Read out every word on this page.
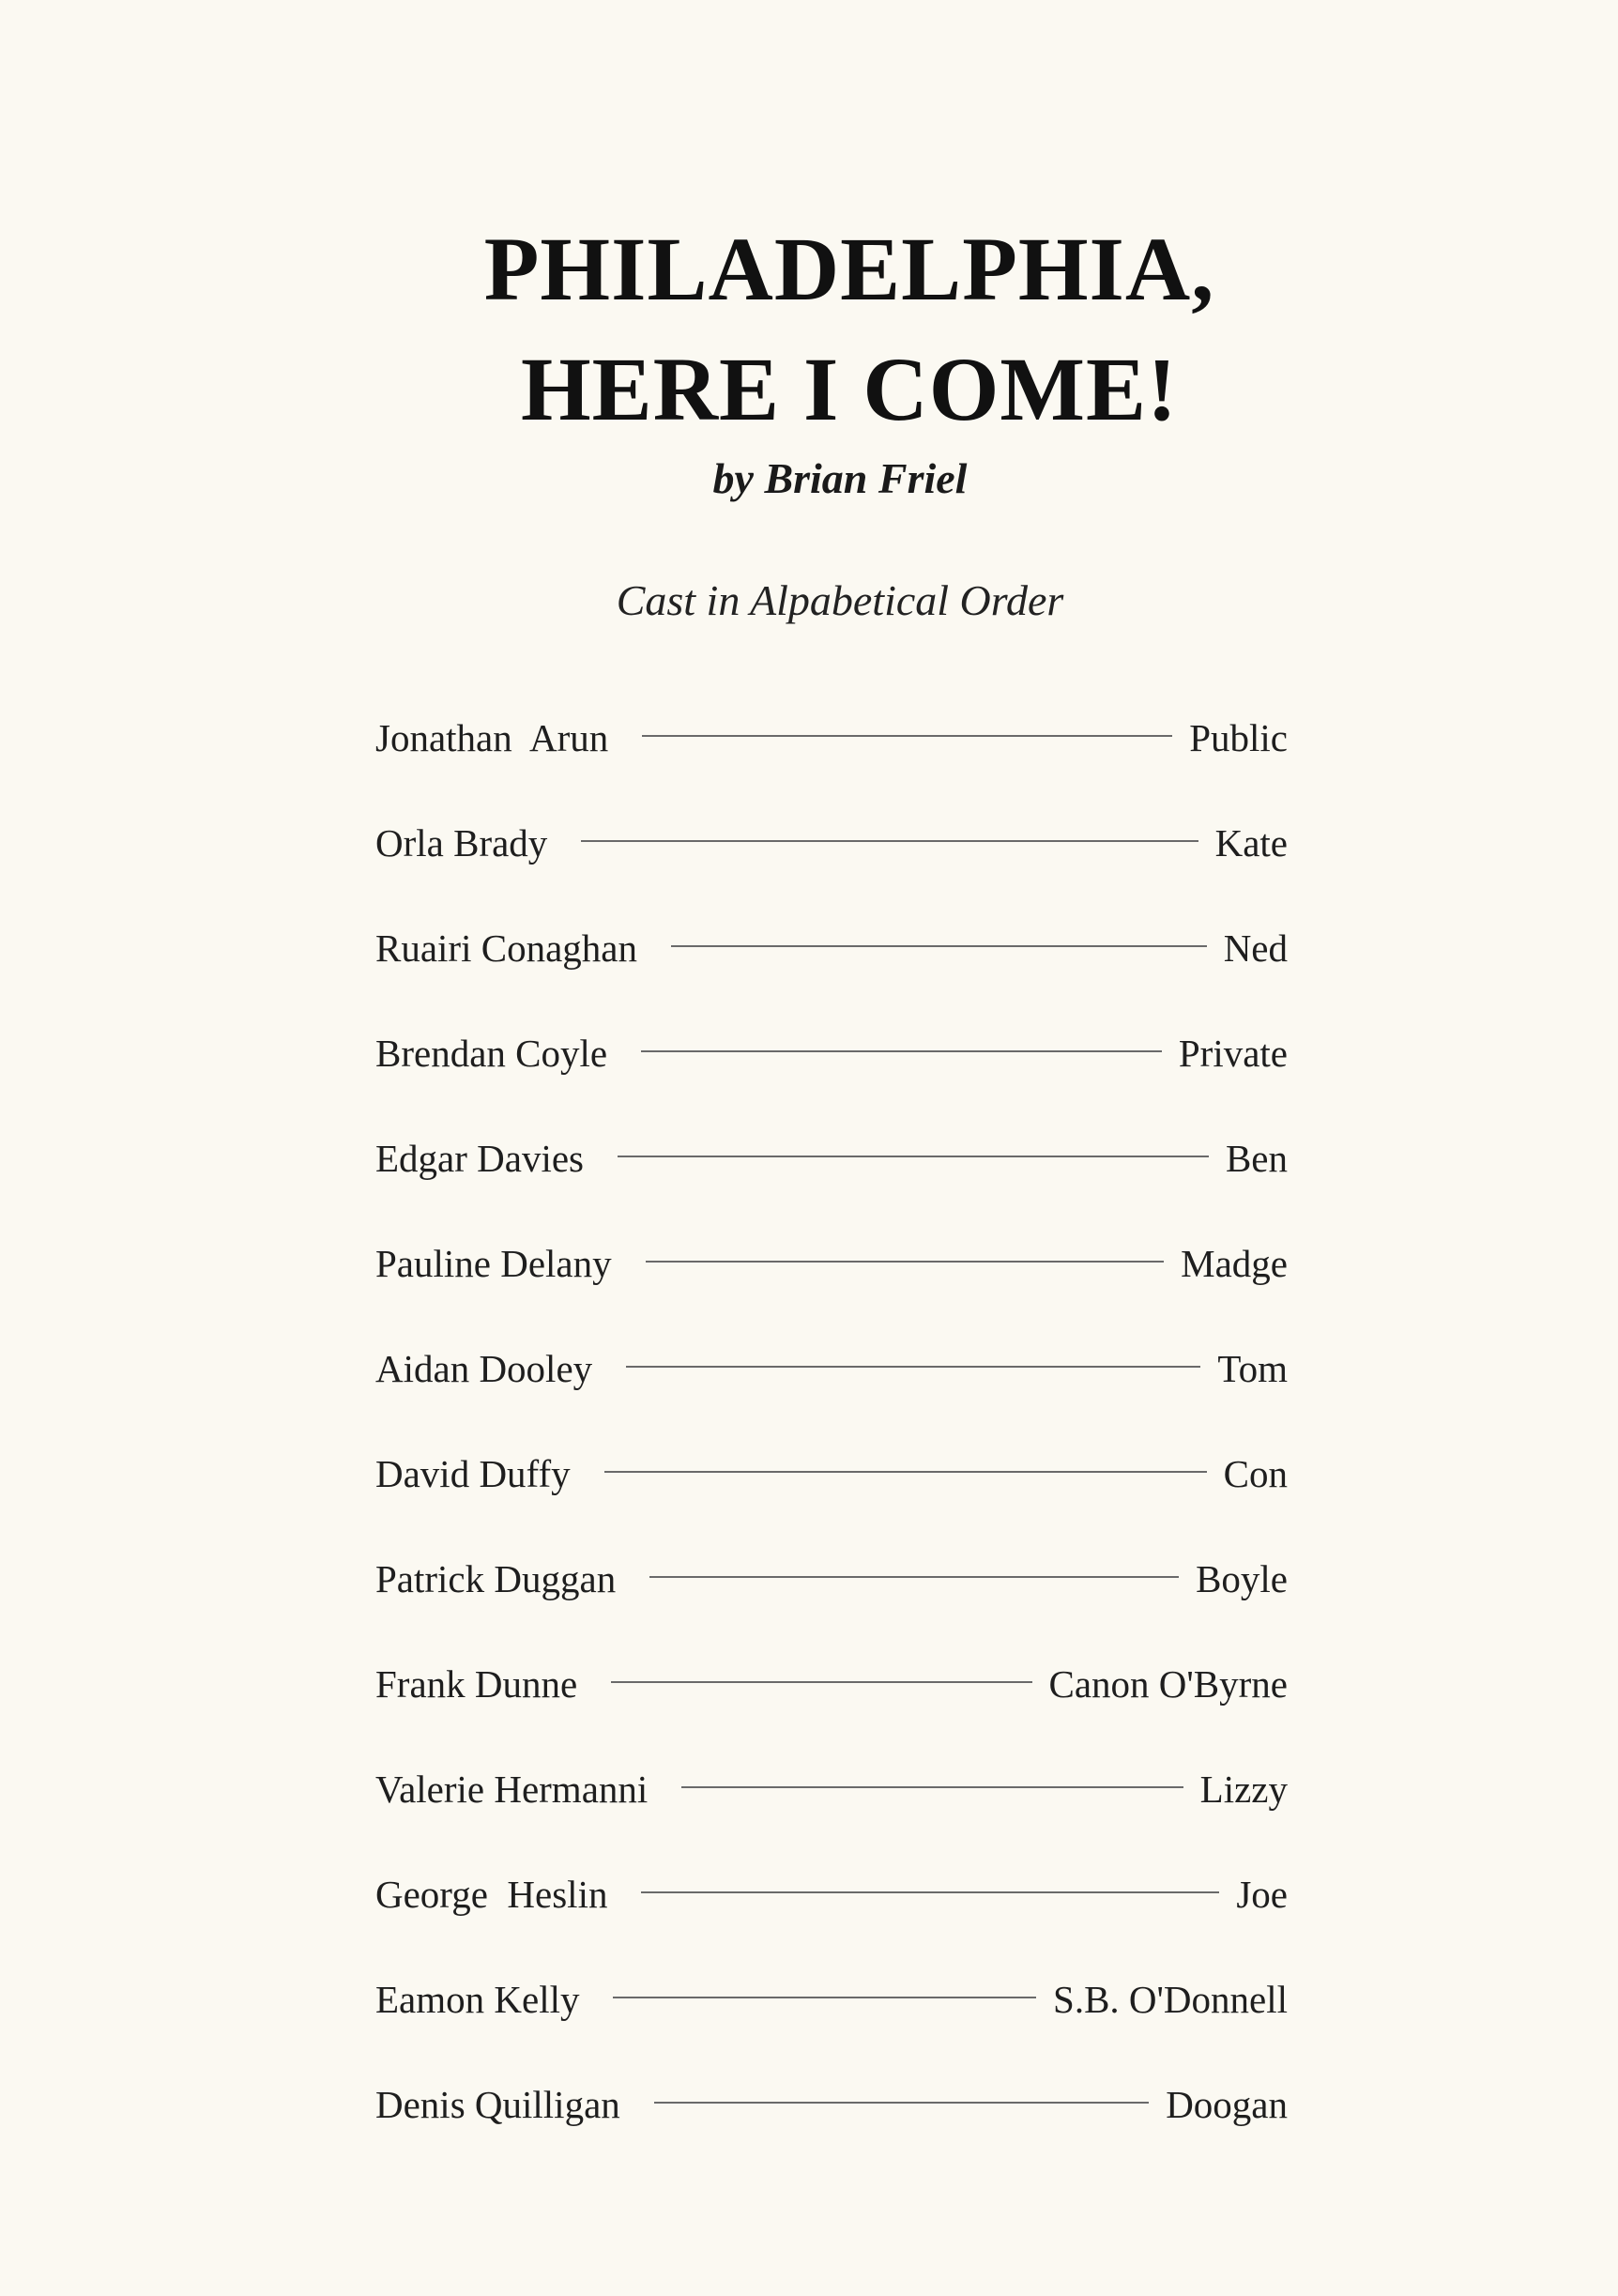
PHILADELPHIA,
HERE I COME!
by Brian Friel
Cast in Alpabetical Order
Jonathan  Arun	Public
Orla Brady	Kate
Ruairi Conaghan	Ned
Brendan Coyle	Private
Edgar Davies	Ben
Pauline Delany	Madge
Aidan Dooley	Tom
David Duffy	Con
Patrick Duggan	Boyle
Frank Dunne	Canon O'Byrne
Valerie Hermanni	Lizzy
George  Heslin	Joe
Eamon Kelly	S.B. O'Donnell
Denis Quilligan	Doogan
